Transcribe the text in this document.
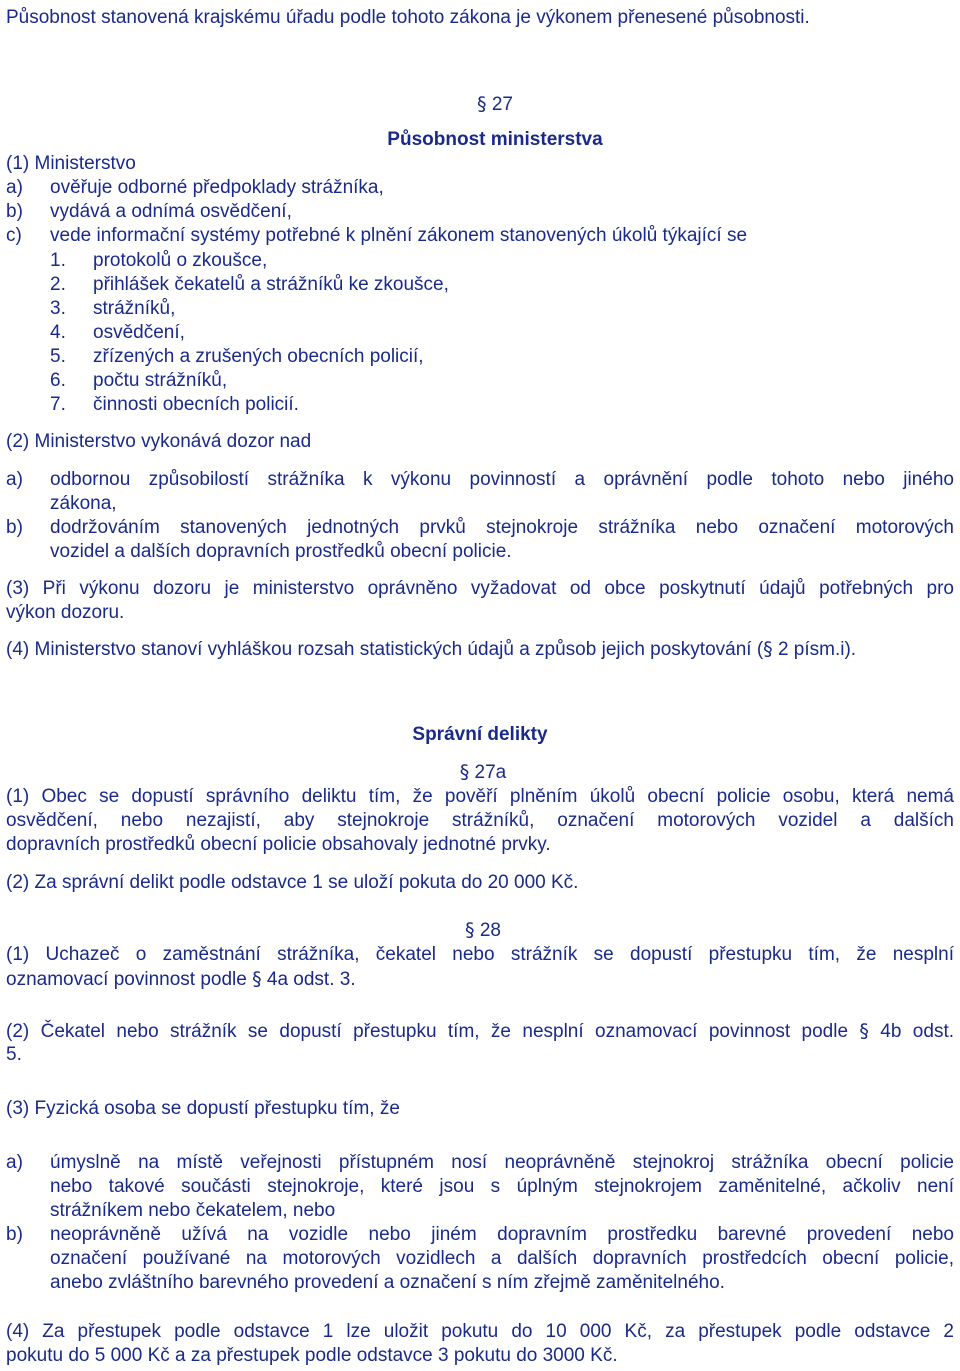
Působnost stanovená krajskému úřadu podle tohoto zákona je výkonem přenesené působnosti.

§ 27

Působnost ministerstva

(1) Ministerstvo

a) ověřuje odborné předpoklady strážníka,

b) vydává a odnímá osvědčení,

c) vede informační systémy potřebné k plnění zákonem stanovených úkolů týkající se

1. protokolů o zkoušce,

2. přihlášek čekatelů a strážníků ke zkoušce,

3. strážníků,

4. osvědčení,

5. zřízených a zrušených obecních policií,

6. počtu strážníků,

7. činnosti obecních policií.

(2) Ministerstvo vykonává dozor nad

a) odbornou způsobilostí strážníka k výkonu povinností a oprávnění podle tohoto nebo jiného

zákona,

b) dodržováním stanovených jednotných prvků stejnokroje strážníka nebo označení motorových

vozidel a dalších dopravních prostředků obecní policie.

(3) Při výkonu dozoru je ministerstvo oprávněno vyžadovat od obce poskytnutí údajů potřebných pro

výkon dozoru.

(4) Ministerstvo stanoví vyhláškou rozsah statistických údajů a způsob jejich poskytování (§ 2 písm.i).

Správní delikty

§ 27a

(1) Obec se dopustí správního deliktu tím, že pověří plněním úkolů obecní policie osobu, která nemá

osvědčení, nebo nezajistí, aby stejnokroje strážníků, označení motorových vozidel a dalších

dopravních prostředků obecní policie obsahovaly jednotné prvky.

(2) Za správní delikt podle odstavce 1 se uloží pokuta do 20 000 Kč.

§ 28

(1) Uchazeč o zaměstnání strážníka, čekatel nebo strážník se dopustí přestupku tím, že nesplní

oznamovací povinnost podle § 4a odst. 3.

(2) Čekatel nebo strážník se dopustí přestupku tím, že nesplní oznamovací povinnost podle § 4b odst.

5.

(3) Fyzická osoba se dopustí přestupku tím, že

a) úmyslně na místě veřejnosti přístupném nosí neoprávněně stejnokroj strážníka obecní policie

nebo takové součásti stejnokroje, které jsou s úplným stejnokrojem zaměnitelné, ačkoliv není

strážníkem nebo čekatelem, nebo

b) neoprávněně užívá na vozidle nebo jiném dopravním prostředku barevné provedení nebo

označení používané na motorových vozidlech a dalších dopravních prostředcích obecní policie,

anebo zvláštního barevného provedení a označení s ním zřejmě zaměnitelného.

(4) Za přestupek podle odstavce 1 lze uložit pokutu do 10 000 Kč, za přestupek podle odstavce 2

pokutu do 5 000 Kč a za přestupek podle odstavce 3 pokutu do 3000 Kč.
